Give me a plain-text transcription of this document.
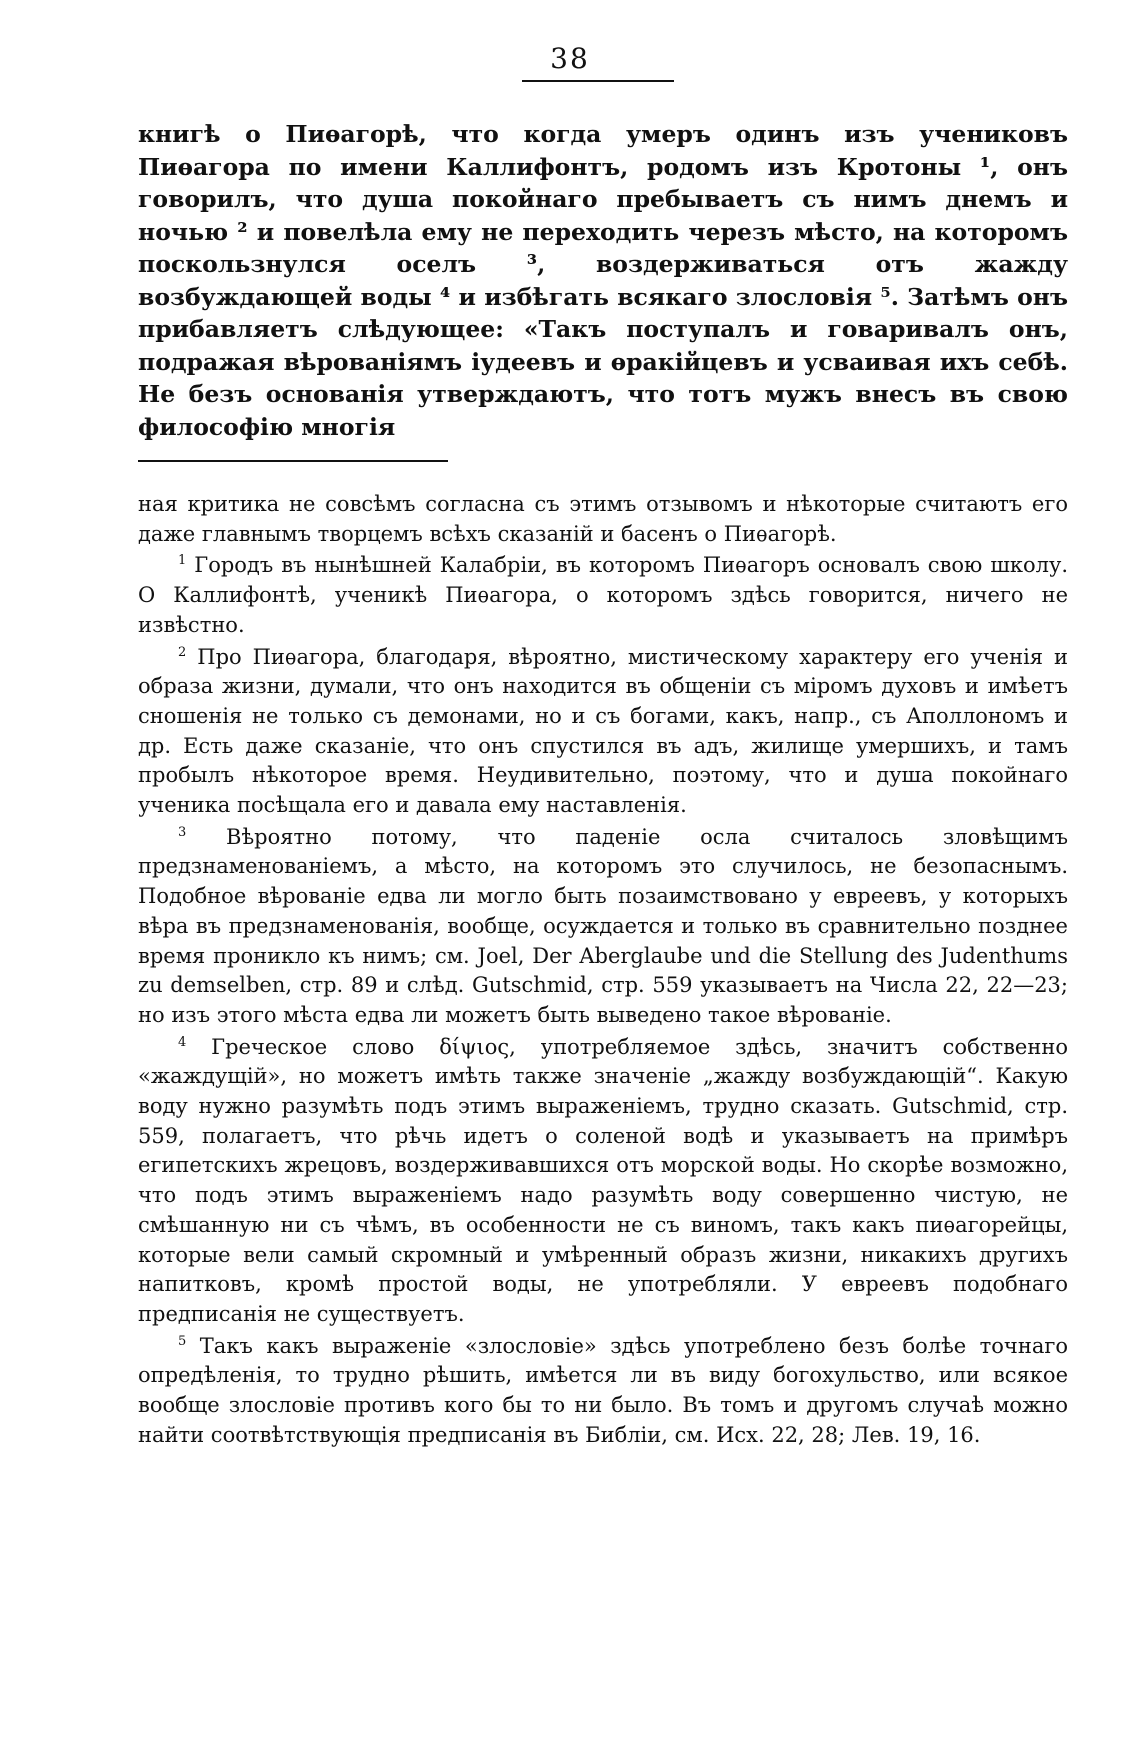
38

книгѣ о Пиѳагорѣ, что когда умеръ одинъ изъ учениковъ Пиѳагора по имени Каллифонтъ, родомъ изъ Кротоны ¹, онъ говорилъ, что душа покойнаго пребываетъ съ нимъ днемъ и ночью ² и повелѣла ему не переходить черезъ мѣсто, на которомъ поскользнулся оселъ ³, воздерживаться отъ жажду возбуждающей воды ⁴ и избѣгать всякаго злословія ⁵. Затѣмъ онъ прибавляетъ слѣдующее: «Такъ поступалъ и говаривалъ онъ, подражая вѣрованіямъ іудеевъ и ѳракійцевъ и усваивая ихъ себѣ. Не безъ основанія утверждаютъ, что тотъ мужъ внесъ въ свою философію многія

ная критика не совсѣмъ согласна съ этимъ отзывомъ и нѣкоторые считаютъ его даже главнымъ творцемъ всѣхъ сказаній и басенъ о Пиѳагорѣ.

$^1$ Городъ въ нынѣшней Калабріи, въ которомъ Пиѳагоръ основалъ свою школу. О Каллифонтѣ, ученикѣ Пиѳагора, о которомъ здѣсь говорится, ничего не извѣстно.

$^2$ Про Пиѳагора, благодаря, вѣроятно, мистическому характеру его ученія и образа жизни, думали, что онъ находится въ общеніи съ міромъ духовъ и имѣетъ сношенія не только съ демонами, но и съ богами, какъ, напр., съ Аполлономъ и др. Есть даже сказаніе, что онъ спустился въ адъ, жилище умершихъ, и тамъ пробылъ нѣкоторое время. Неудивительно, поэтому, что и душа покойнаго ученика посѣщала его и давала ему наставленія.

$^3$ Вѣроятно потому, что паденіе осла считалось зловѣщимъ предзнаменованіемъ, а мѣсто, на которомъ это случилось, не безопаснымъ. Подобное вѣрованіе едва ли могло быть позаимствовано у евреевъ, у которыхъ вѣра въ предзнаменованія, вообще, осуждается и только въ сравнительно позднее время проникло къ нимъ; см. Joel, Der Aberglaube und die Stellung des Judenthums zu demselben, стр. 89 и слѣд. Gutschmid, стр. 559 указываетъ на Числа 22, 22—23; но изъ этого мѣста едва ли можетъ быть выведено такое вѣрованіе.

$^4$ Греческое слово δίψιος, употребляемое здѣсь, значитъ собственно «жаждущій», но можетъ имѣть также значеніе „жажду возбуждающій“. Какую воду нужно разумѣть подъ этимъ выраженіемъ, трудно сказать. Gutschmid, стр. 559, полагаетъ, что рѣчь идетъ о соленой водѣ и указываетъ на примѣръ египетскихъ жрецовъ, воздерживавшихся отъ морской воды. Но скорѣе возможно, что подъ этимъ выраженіемъ надо разумѣть воду совершенно чистую, не смѣшанную ни съ чѣмъ, въ особенности не съ виномъ, такъ какъ пиѳагорейцы, которые вели самый скромный и умѣренный образъ жизни, никакихъ другихъ напитковъ, кромѣ простой воды, не употребляли. У евреевъ подобнаго предписанія не существуетъ.

$^5$ Такъ какъ выраженіе «злословіе» здѣсь употреблено безъ болѣе точнаго опредѣленія, то трудно рѣшить, имѣется ли въ виду богохульство, или всякое вообще злословіе противъ кого бы то ни было. Въ томъ и другомъ случаѣ можно найти соотвѣтствующія предписанія въ Библіи, см. Исх. 22, 28; Лев. 19, 16.
